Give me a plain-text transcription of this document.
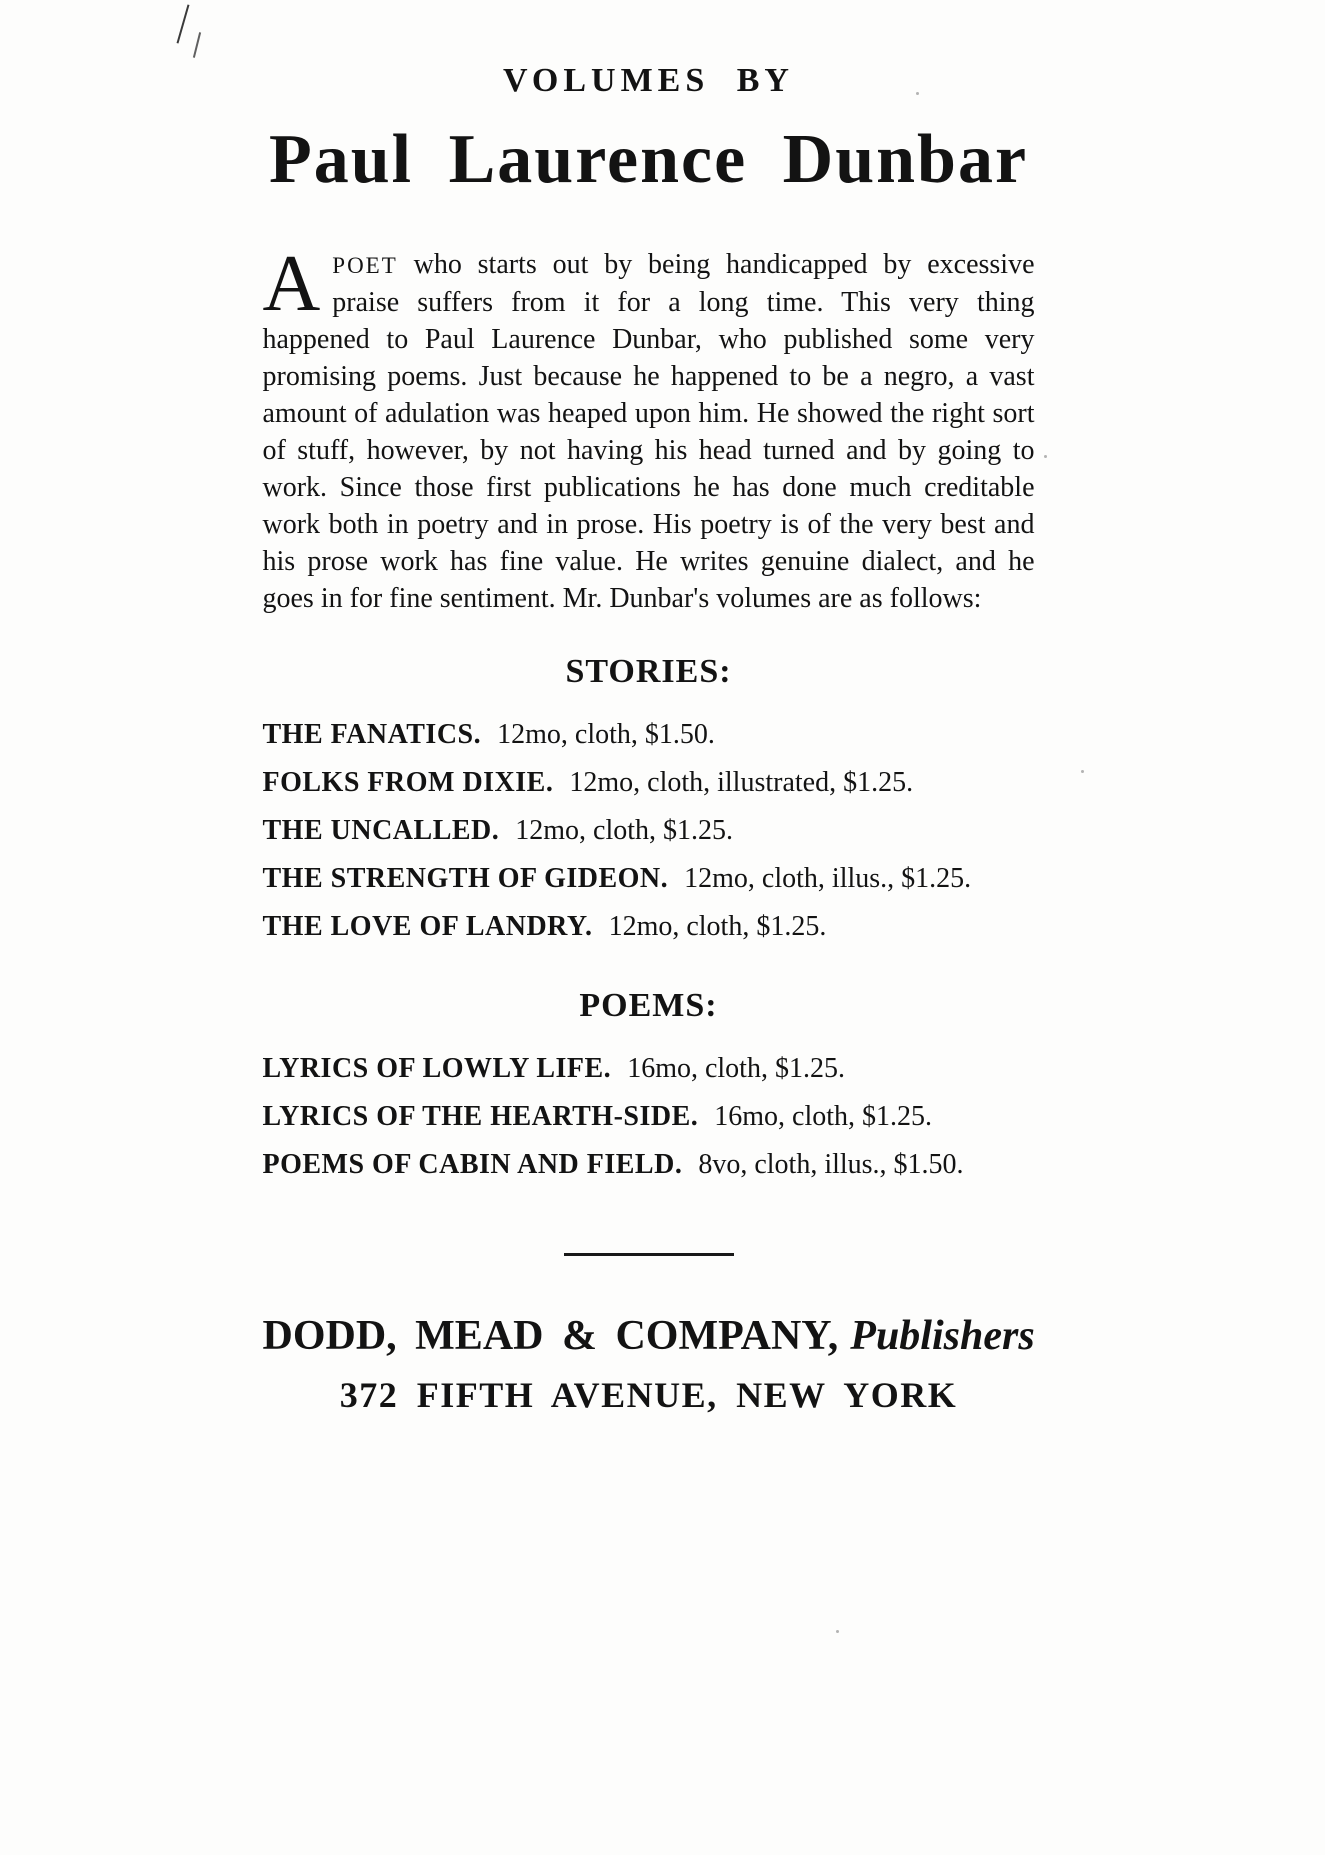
VOLUMES BY
Paul Laurence Dunbar

APOET who starts out by being handicapped by excessive praise suffers from it for a long time. This very thing happened to Paul Laurence Dunbar, who published some very promising poems. Just because he happened to be a negro, a vast amount of adulation was heaped upon him. He showed the right sort of stuff, however, by not having his head turned and by going to work. Since those first publications he has done much creditable work both in poetry and in prose. His poetry is of the very best and his prose work has fine value. He writes genuine dialect, and he goes in for fine sentiment. Mr. Dunbar's volumes are as follows:

STORIES:
THE FANATICS. 12mo, cloth, $1.50.
FOLKS FROM DIXIE. 12mo, cloth, illustrated, $1.25.
THE UNCALLED. 12mo, cloth, $1.25.
THE STRENGTH OF GIDEON. 12mo, cloth, illus., $1.25.
THE LOVE OF LANDRY. 12mo, cloth, $1.25.
POEMS:
LYRICS OF LOWLY LIFE. 16mo, cloth, $1.25.
LYRICS OF THE HEARTH-SIDE. 16mo, cloth, $1.25.
POEMS OF CABIN AND FIELD. 8vo, cloth, illus., $1.50.
DODD, MEAD & COMPANY, Publishers
372 FIFTH AVENUE, NEW YORK
